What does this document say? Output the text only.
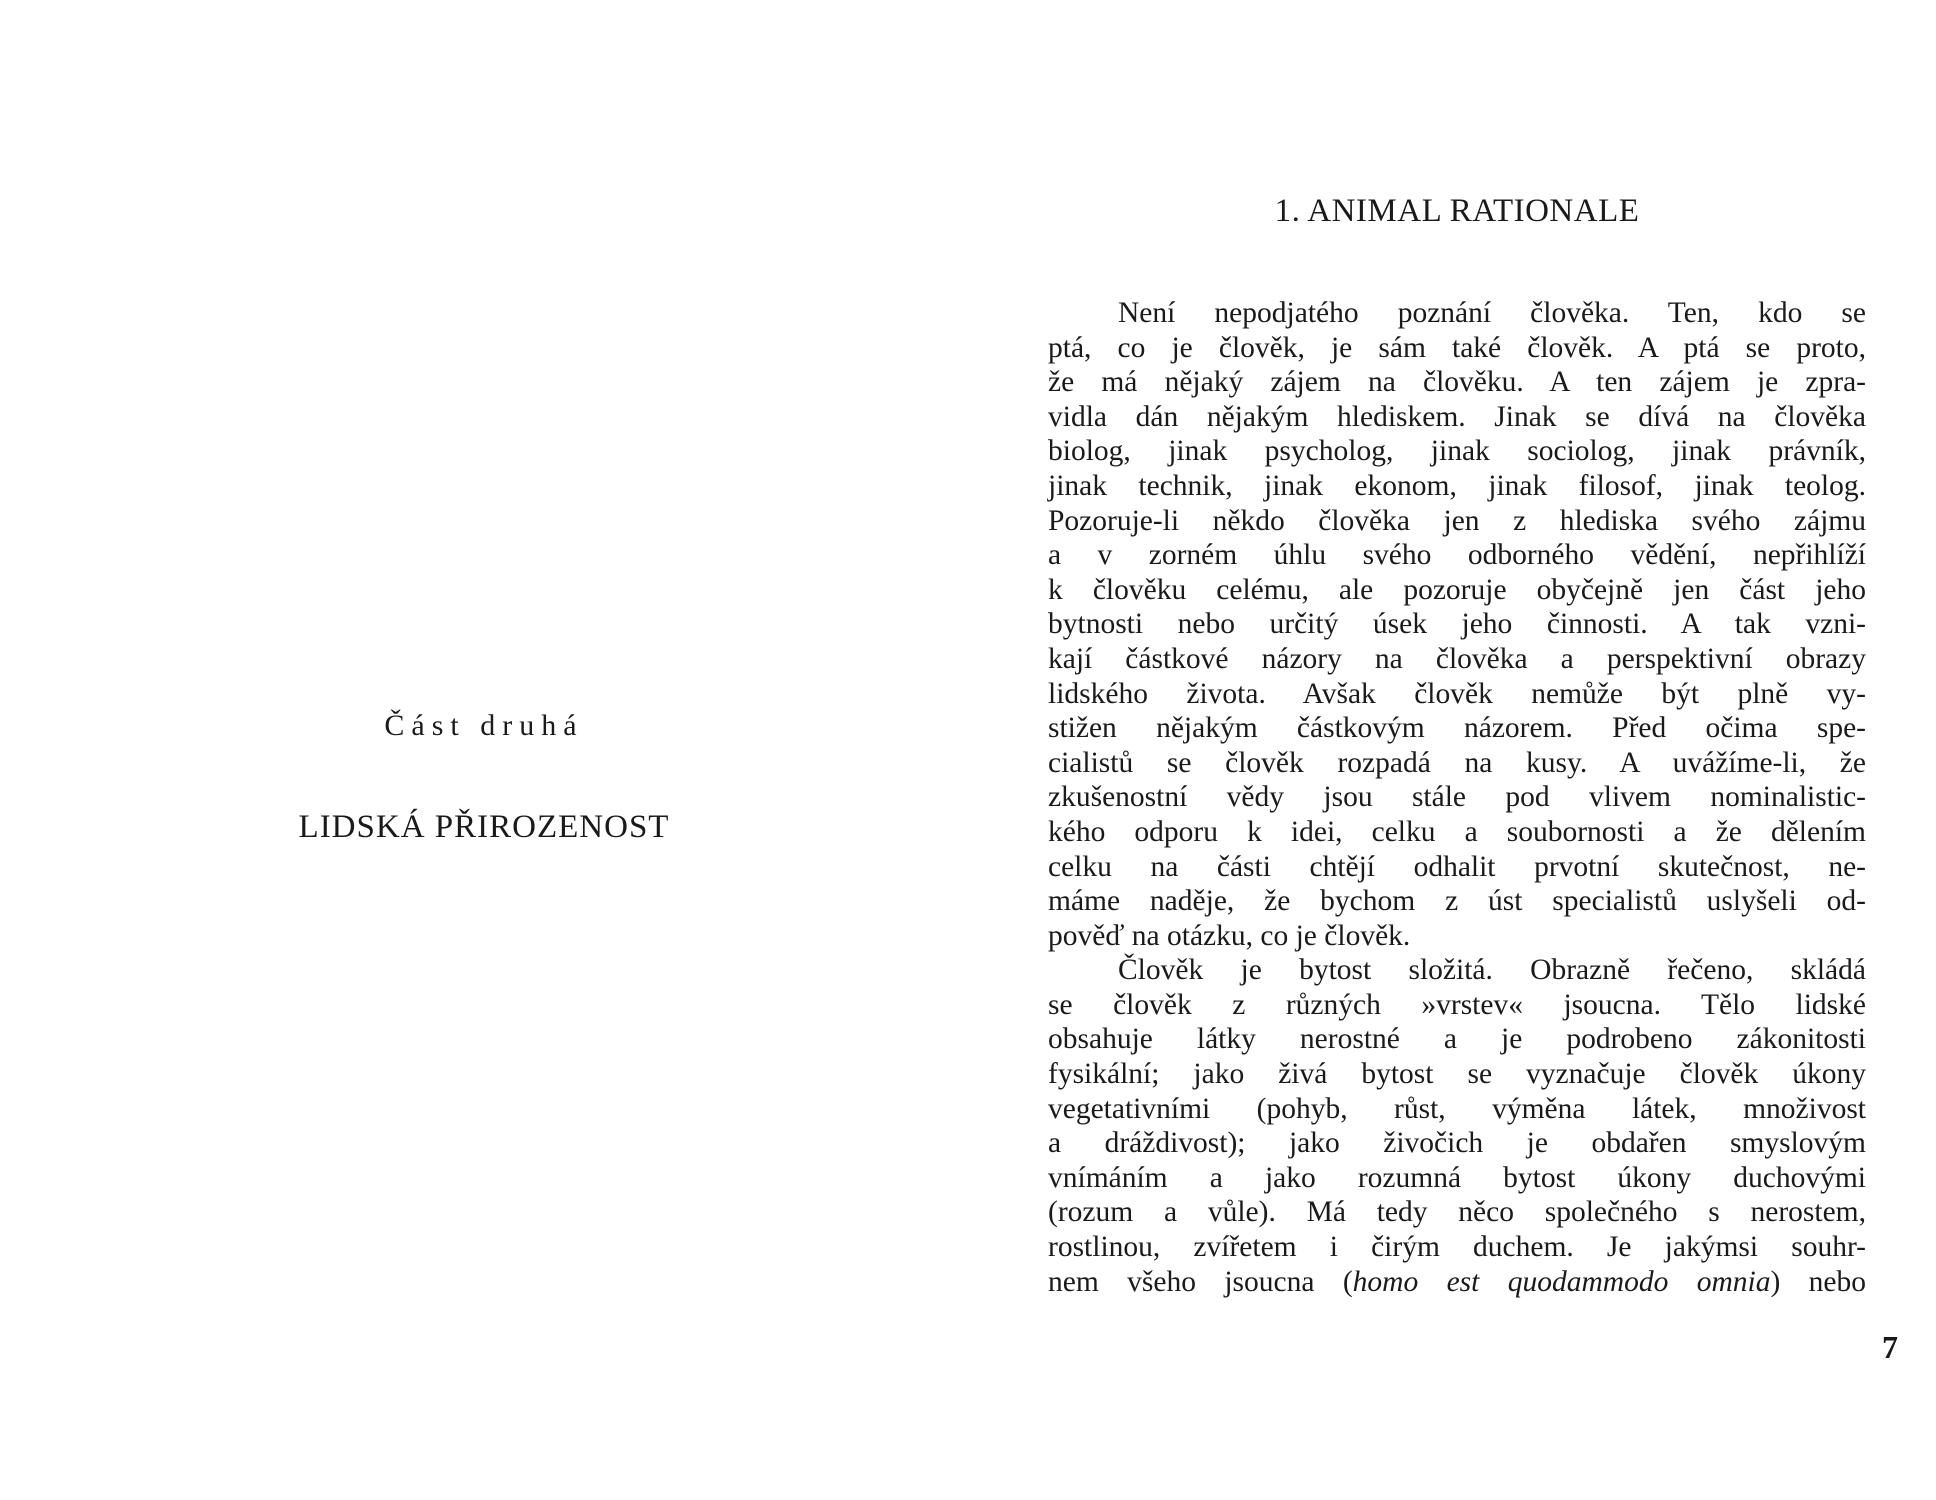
Část druhá
LIDSKÁ PŘIROZENOST
1. ANIMAL RATIONALE
Není nepodjatého poznání člověka. Ten, kdo se
ptá, co je člověk, je sám také člověk. A ptá se proto,
že má nějaký zájem na člověku. A ten zájem je zpra-
vidla dán nějakým hlediskem. Jinak se dívá na člověka
biolog, jinak psycholog, jinak sociolog, jinak právník,
jinak technik, jinak ekonom, jinak filosof, jinak teolog.
Pozoruje-li někdo člověka jen z hlediska svého zájmu
a v zorném úhlu svého odborného vědění, nepřihlíží
k člověku celému, ale pozoruje obyčejně jen část jeho
bytnosti nebo určitý úsek jeho činnosti. A tak vzni-
kají částkové názory na člověka a perspektivní obrazy
lidského života. Avšak člověk nemůže být plně vy-
stižen nějakým částkovým názorem. Před očima spe-
cialistů se člověk rozpadá na kusy. A uvážíme-li, že
zkušenostní vědy jsou stále pod vlivem nominalistic-
kého odporu k idei, celku a soubornosti a že dělením
celku na části chtějí odhalit prvotní skutečnost, ne-
máme naděje, že bychom z úst specialistů uslyšeli od-
pověď na otázku, co je člověk.
Člověk je bytost složitá. Obrazně řečeno, skládá
se člověk z různých »vrstev« jsoucna. Tělo lidské
obsahuje látky nerostné a je podrobeno zákonitosti
fysikální; jako živá bytost se vyznačuje člověk úkony
vegetativními (pohyb, růst, výměna látek, množivost
a dráždivost); jako živočich je obdařen smyslovým
vnímáním a jako rozumná bytost úkony duchovými
(rozum a vůle). Má tedy něco společného s nerostem,
rostlinou, zvířetem i čirým duchem. Je jakýmsi souhr-
nem všeho jsoucna (homo est quodammodo omnia) nebo
7
